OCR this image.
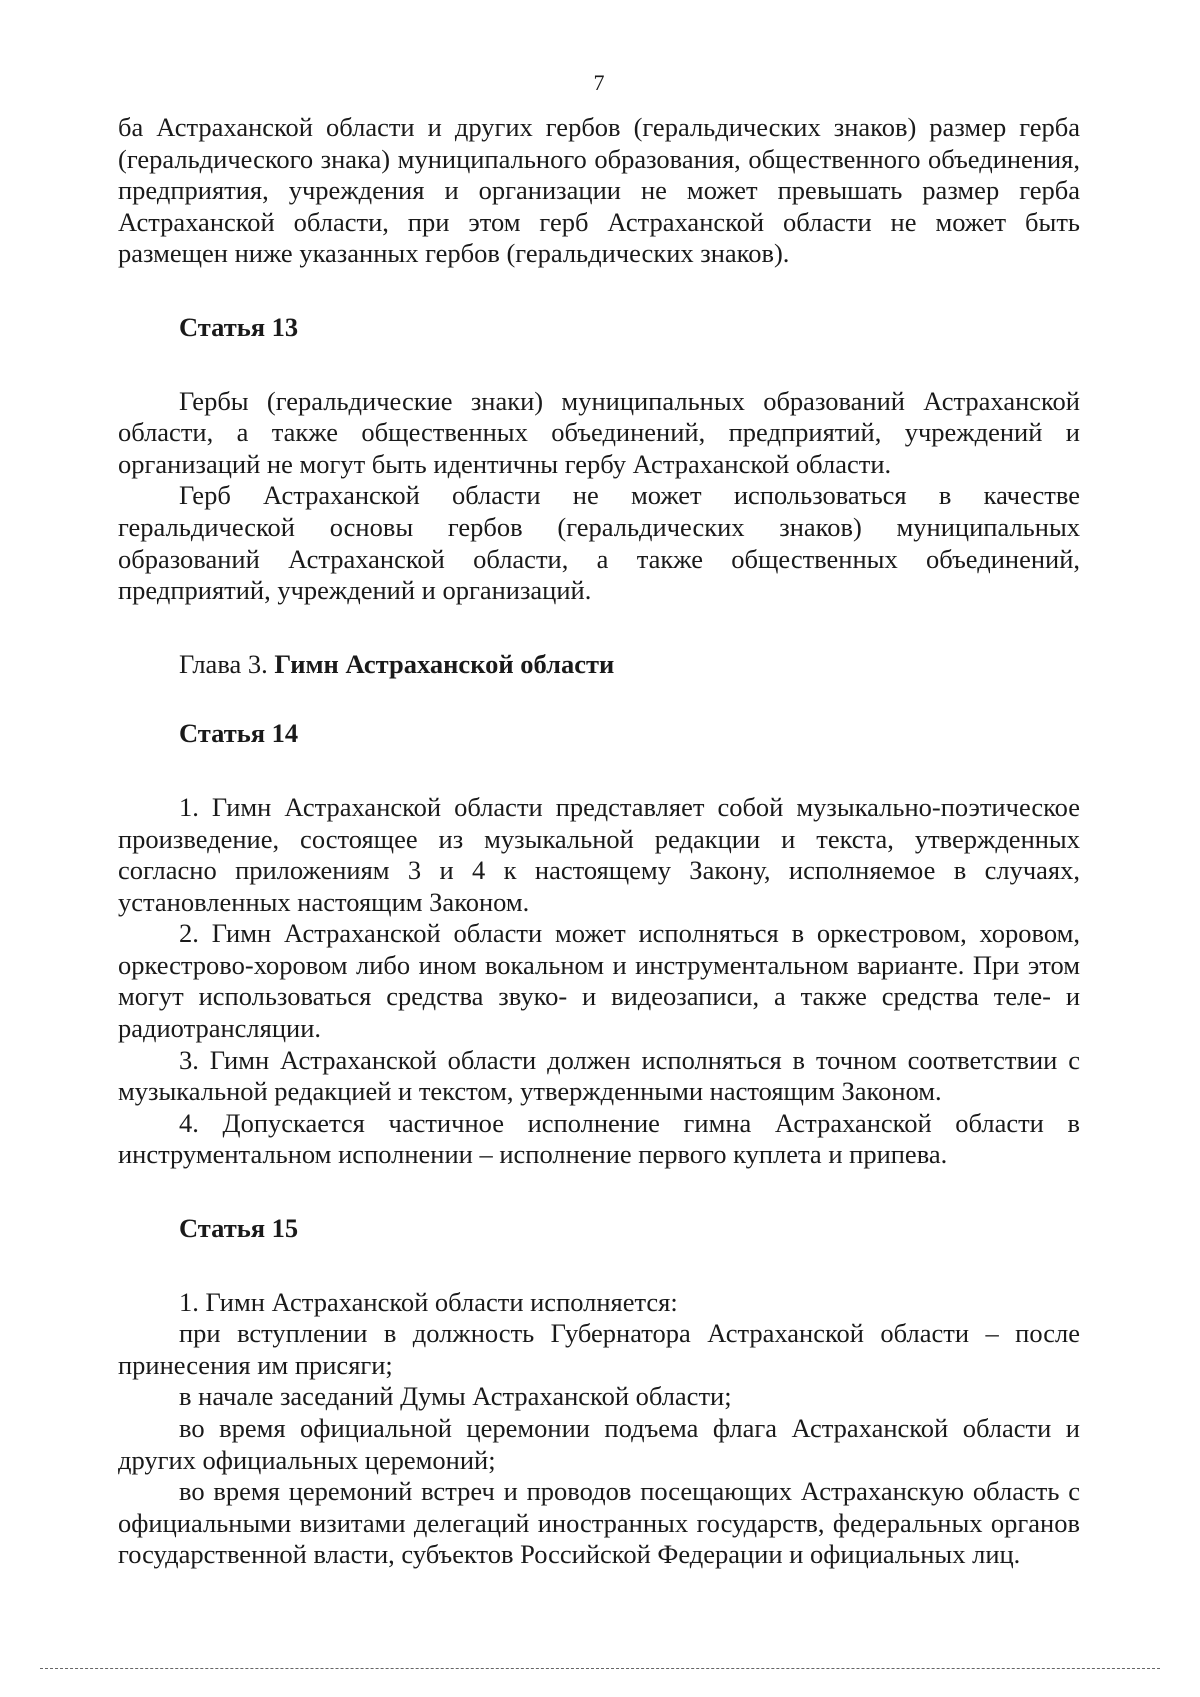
7

ба Астраханской области и других гербов (геральдических знаков) размер герба (геральдического знака) муниципального образования, общественного объединения, предприятия, учреждения и организации не может превышать размер герба Астраханской области, при этом герб Астраханской области не может быть размещен ниже указанных гербов (геральдических знаков).

Статья 13

Гербы (геральдические знаки) муниципальных образований Астраханской области, а также общественных объединений, предприятий, учреждений и организаций не могут быть идентичны гербу Астраханской области.

Герб Астраханской области не может использоваться в качестве геральдической основы гербов (геральдических знаков) муниципальных образований Астраханской области, а также общественных объединений, предприятий, учреждений и организаций.

Глава 3. Гимн Астраханской области
Статья 14

1. Гимн Астраханской области представляет собой музыкально-поэтическое произведение, состоящее из музыкальной редакции и текста, утвержденных согласно приложениям 3 и 4 к настоящему Закону, исполняемое в случаях, установленных настоящим Законом.

2. Гимн Астраханской области может исполняться в оркестровом, хоровом, оркестрово-хоровом либо ином вокальном и инструментальном варианте. При этом могут использоваться средства звуко- и видеозаписи, а также средства теле- и радиотрансляции.

3. Гимн Астраханской области должен исполняться в точном соответствии с музыкальной редакцией и текстом, утвержденными настоящим Законом.

4. Допускается частичное исполнение гимна Астраханской области в инструментальном исполнении – исполнение первого куплета и припева.

Статья 15

1. Гимн Астраханской области исполняется:

при вступлении в должность Губернатора Астраханской области – после принесения им присяги;

в начале заседаний Думы Астраханской области;

во время официальной церемонии подъема флага Астраханской области и других официальных церемоний;

во время церемоний встреч и проводов посещающих Астраханскую область с официальными визитами делегаций иностранных государств, федеральных органов государственной власти, субъектов Российской Федерации и официальных лиц.
